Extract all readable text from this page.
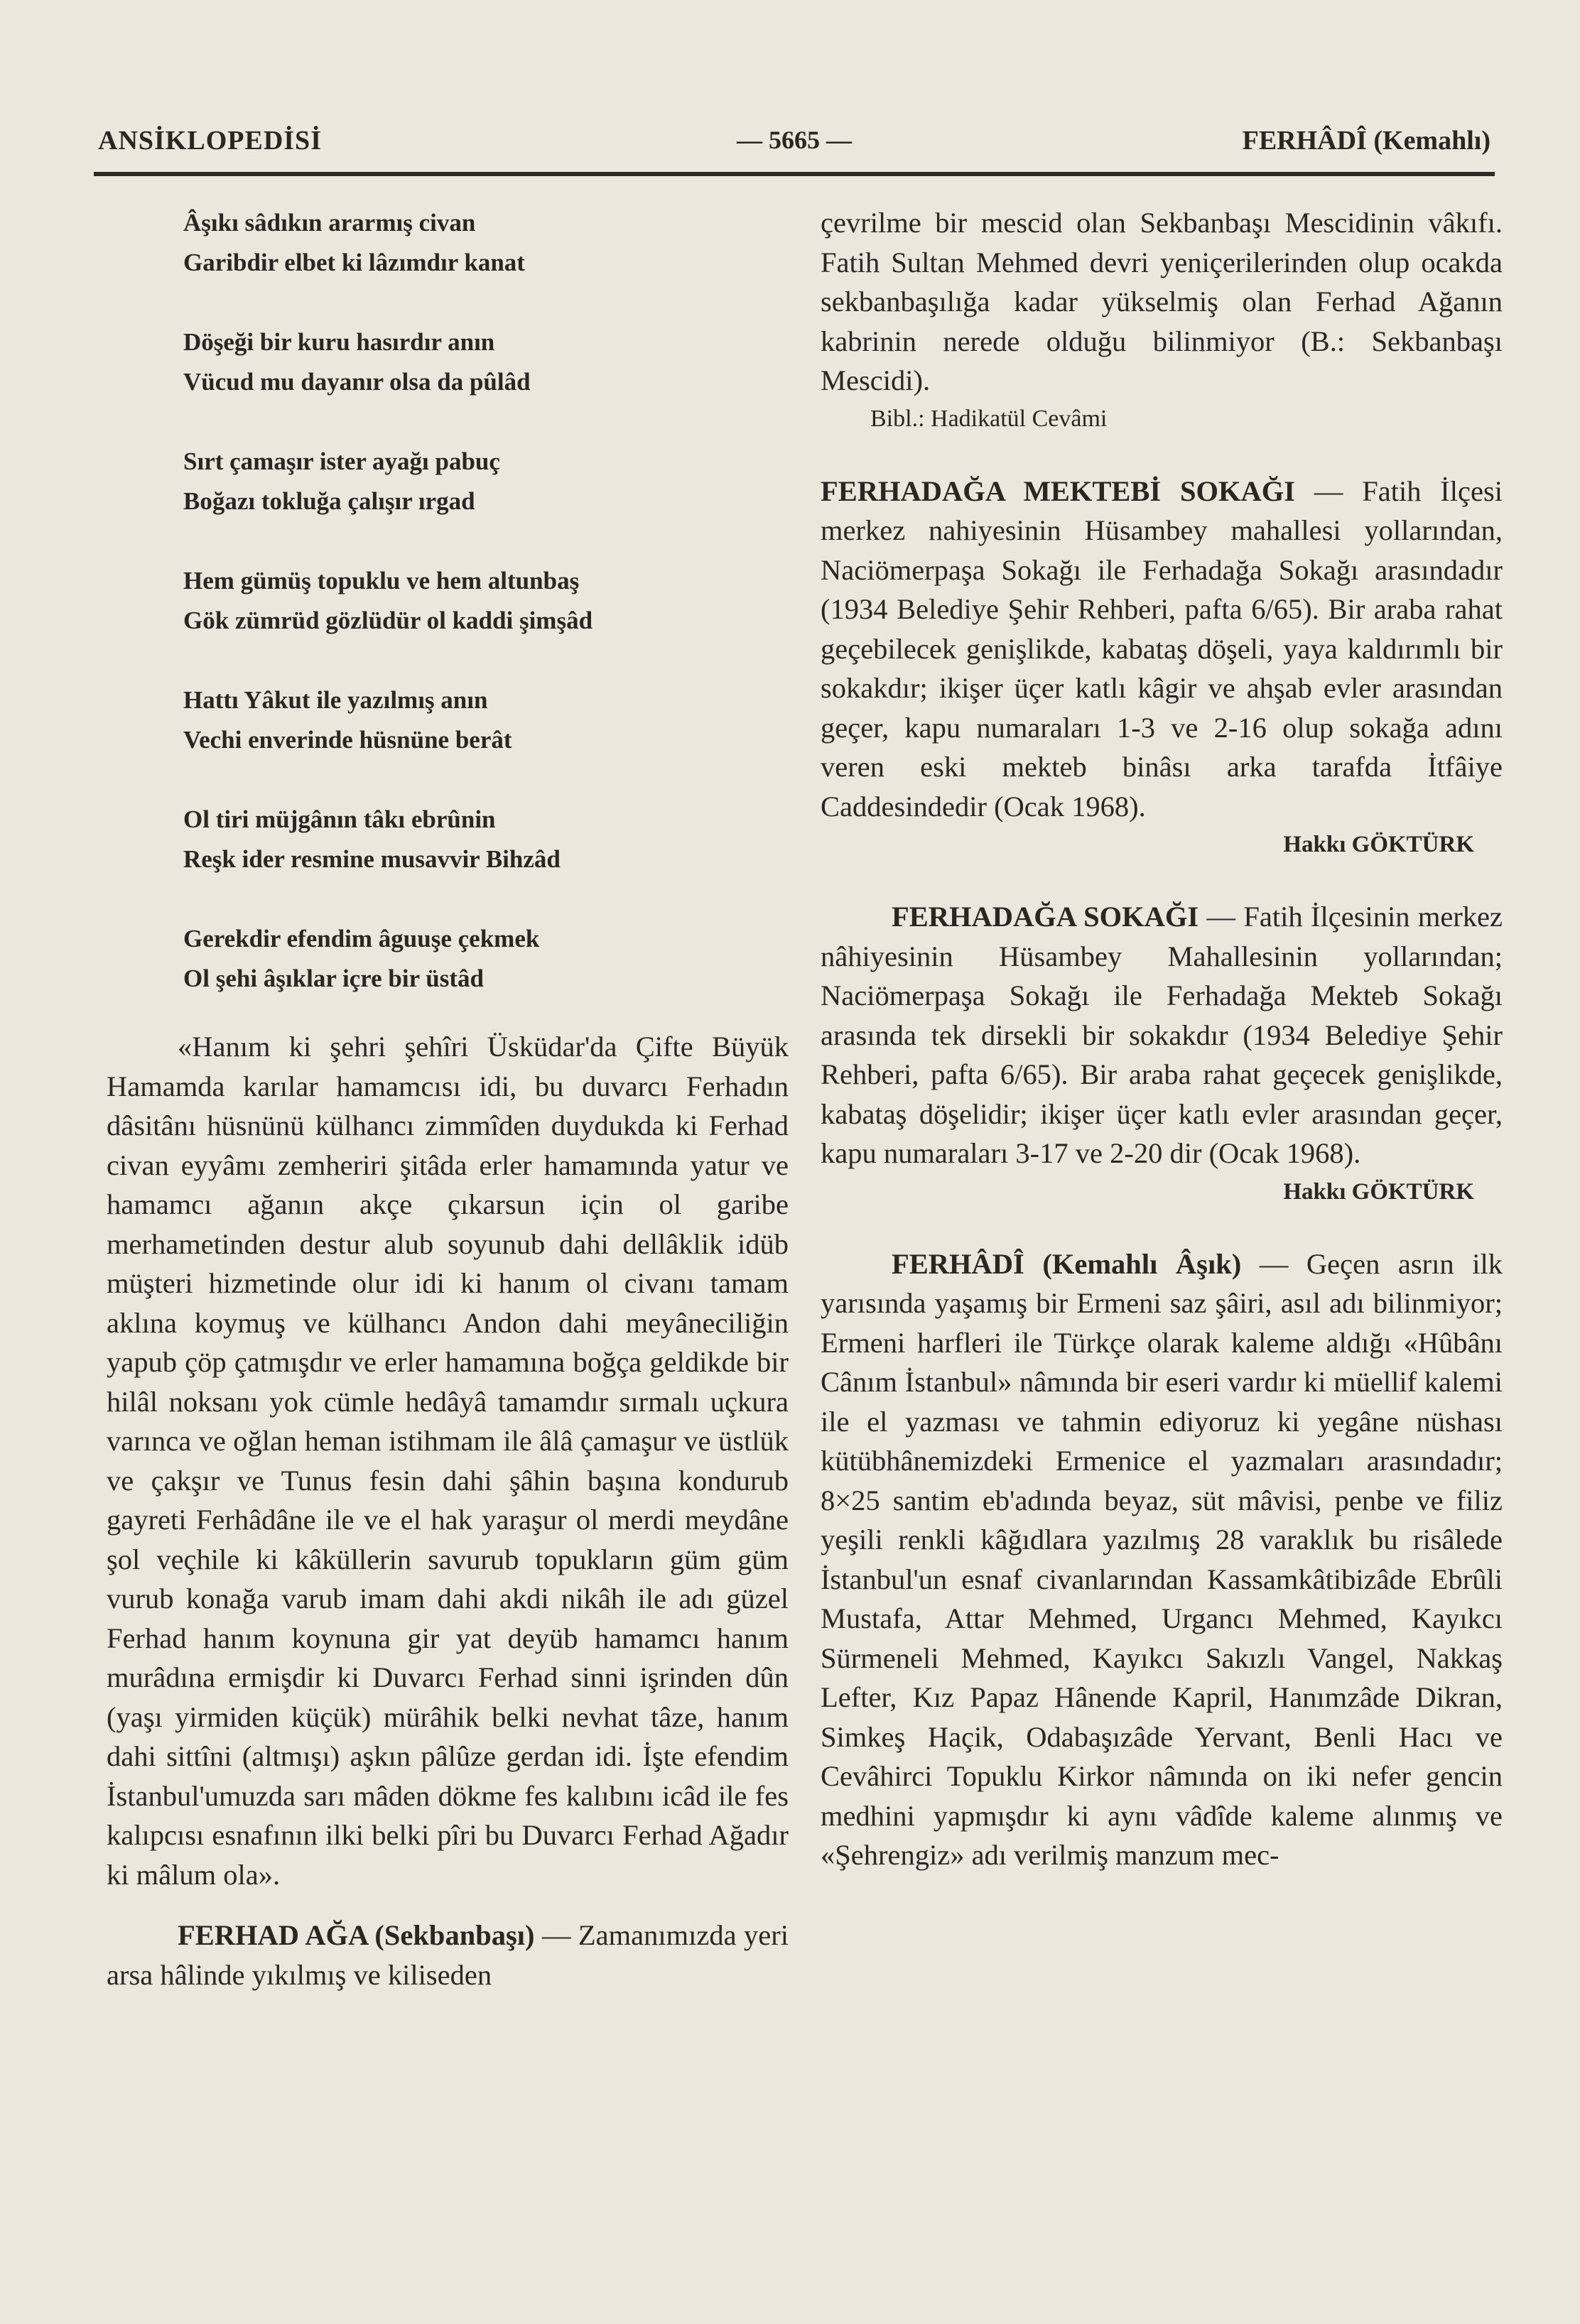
ANSİKLOPEDİSİ	— 5665 —	FERHÂDÎ (Kemahlı)
Âşıkı sâdıkın ararmış civan
Garibdir elbet ki lâzımdır kanat
Döşeği bir kuru hasırdır anın
Vücud mu dayanır olsa da pûlâd
Sırt çamaşır ister ayağı pabuç
Boğazı tokluğa çalışır ırgad
Hem gümüş topuklu ve hem altunbaş
Gök zümrüd gözlüdür ol kaddi şimşâd
Hattı Yâkut ile yazılmış anın
Vechi enverinde hüsnüne berât
Ol tiri müjgânın tâkı ebrûnin
Reşk ider resmine musavvir Bihzâd
Gerekdir efendim âguuşe çekmek
Ol şehi âşıklar içre bir üstâd

«Hanım ki şehri şehîri Üsküdar'da Çifte Büyük Hamamda karılar hamamcısı idi, bu duvarcı Ferhadın dâsitânı hüsnünü külhancı zimmîden duydukda ki Ferhad civan eyyâmı zemheriri şitâda erler hamamında yatur ve hamamcı ağanın akçe çıkarsun için ol garibe merhametinden destur alub soyunub dahi dellâklik idüb müşteri hizmetinde olur idi ki hanım ol civanı tamam aklına koymuş ve külhancı Andon dahi meyâneciliğin yapub çöp çatmışdır ve erler hamamına boğça geldikde bir hilâl noksanı yok cümle hedâyâ tamamdır sırmalı uçkura varınca ve oğlan heman istihmam ile âlâ çamaşur ve üstlük ve çakşır ve Tunus fesin dahi şâhin başına kondurub gayreti Ferhâdâne ile ve el hak yaraşur ol merdi meydâne şol veçhile ki kâküllerin savurub topukların güm güm vurub konağa varub imam dahi akdi nikâh ile adı güzel Ferhad hanım koynuna gir yat deyüb hamamcı hanım murâdına ermişdir ki Duvarcı Ferhad sinni işrinden dûn (yaşı yirmiden küçük) mürâhik belki nevhat tâze, hanım dahi sittîni (altmışı) aşkın pâlûze gerdan idi. İşte efendim İstanbul'umuzda sarı mâden dökme fes kalıbını icâd ile fes kalıpcısı esnafının ilki belki pîri bu Duvarcı Ferhad Ağadır ki mâlum ola».

FERHAD AĞA (Sekbanbaşı) — Zamanımızda yeri arsa hâlinde yıkılmış ve kiliseden

çevrilme bir mescid olan Sekbanbaşı Mescidinin vâkıfı. Fatih Sultan Mehmed devri yeniçerilerinden olup ocakda sekbanbaşılığa kadar yükselmiş olan Ferhad Ağanın kabrinin nerede olduğu bilinmiyor (B.: Sekbanbaşı Mescidi).

Bibl.: Hadikatül Cevâmi

FERHADAĞA MEKTEBİ SOKAĞI — Fatih İlçesi merkez nahiyesinin Hüsambey mahallesi yollarından, Naciömerpaşa Sokağı ile Ferhadağa Sokağı arasındadır (1934 Belediye Şehir Rehberi, pafta 6/65). Bir araba rahat geçebilecek genişlikde, kabataş döşeli, yaya kaldırımlı bir sokakdır; ikişer üçer katlı kâgir ve ahşab evler arasından geçer, kapu numaraları 1-3 ve 2-16 olup sokağa adını veren eski mekteb binâsı arka tarafda İtfâiye Caddesindedir (Ocak 1968).

Hakkı GÖKTÜRK

FERHADAĞA SOKAĞI — Fatih İlçesinin merkez nâhiyesinin Hüsambey Mahallesinin yollarından; Naciömerpaşa Sokağı ile Ferhadağa Mekteb Sokağı arasında tek dirsekli bir sokakdır (1934 Belediye Şehir Rehberi, pafta 6/65). Bir araba rahat geçecek genişlikde, kabataş döşelidir; ikişer üçer katlı evler arasından geçer, kapu numaraları 3-17 ve 2-20 dir (Ocak 1968).

Hakkı GÖKTÜRK

FERHÂDÎ (Kemahlı Âşık) — Geçen asrın ilk yarısında yaşamış bir Ermeni saz şâiri, asıl adı bilinmiyor; Ermeni harfleri ile Türkçe olarak kaleme aldığı «Hûbânı Cânım İstanbul» nâmında bir eseri vardır ki müellif kalemi ile el yazması ve tahmin ediyoruz ki yegâne nüshası kütübhânemizdeki Ermenice el yazmaları arasındadır; 8×25 santim eb'adında beyaz, süt mâvisi, penbe ve filiz yeşili renkli kâğıdlara yazılmış 28 varaklık bu risâlede İstanbul'un esnaf civanlarından Kassamkâtibizâde Ebrûli Mustafa, Attar Mehmed, Urgancı Mehmed, Kayıkcı Sürmeneli Mehmed, Kayıkcı Sakızlı Vangel, Nakkaş Lefter, Kız Papaz Hânende Kapril, Hanımzâde Dikran, Simkeş Haçik, Odabaşızâde Yervant, Benli Hacı ve Cevâhirci Topuklu Kirkor nâmında on iki nefer gencin medhini yapmışdır ki aynı vâdîde kaleme alınmış ve «Şehrengiz» adı verilmiş manzum mec-
